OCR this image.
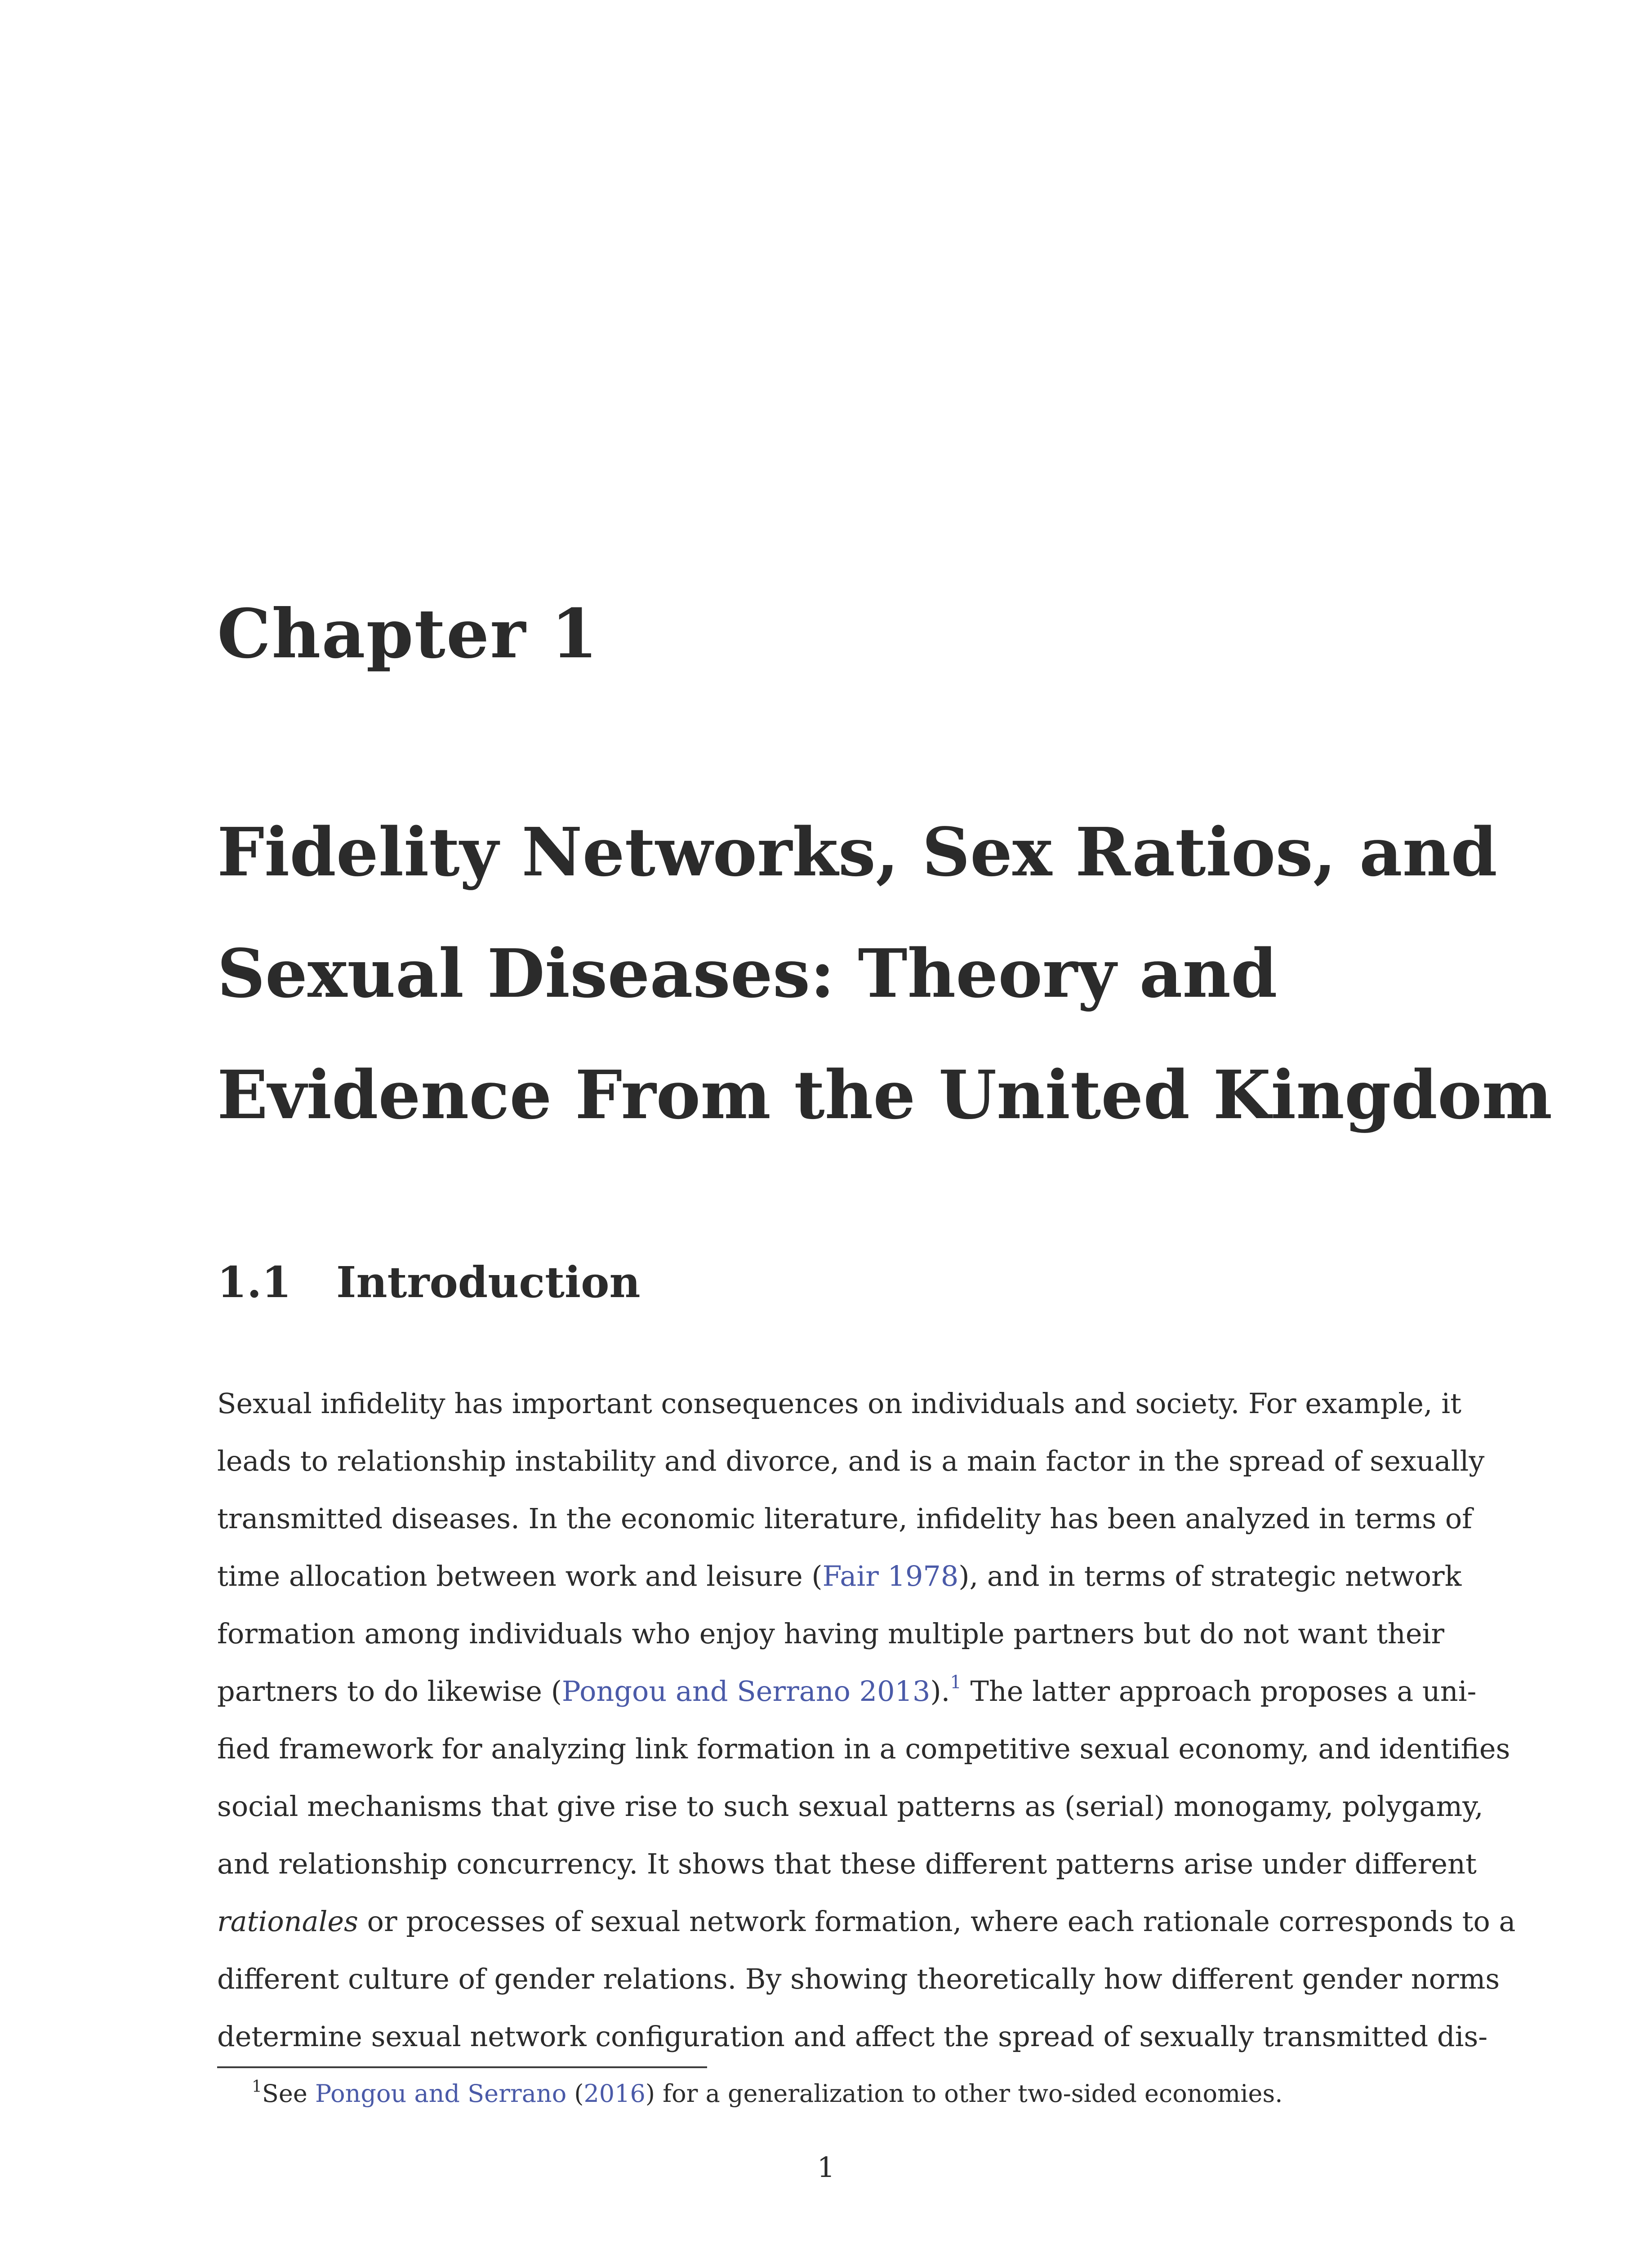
Chapter 1
Fidelity Networks, Sex Ratios, and
Sexual Diseases: Theory and
Evidence From the United Kingdom
1.1 Introduction
Sexual infidelity has important consequences on individuals and society. For example, it
leads to relationship instability and divorce, and is a main factor in the spread of sexually
transmitted diseases. In the economic literature, infidelity has been analyzed in terms of
time allocation between work and leisure (Fair 1978), and in terms of strategic network
formation among individuals who enjoy having multiple partners but do not want their
partners to do likewise (Pongou and Serrano 2013).$^1$ The latter approach proposes a uni-
fied framework for analyzing link formation in a competitive sexual economy, and identifies
social mechanisms that give rise to such sexual patterns as (serial) monogamy, polygamy,
and relationship concurrency. It shows that these different patterns arise under different
rationales or processes of sexual network formation, where each rationale corresponds to a
different culture of gender relations. By showing theoretically how different gender norms
determine sexual network configuration and affect the spread of sexually transmitted dis-
$^1$See Pongou and Serrano (2016) for a generalization to other two-sided economies.
1
